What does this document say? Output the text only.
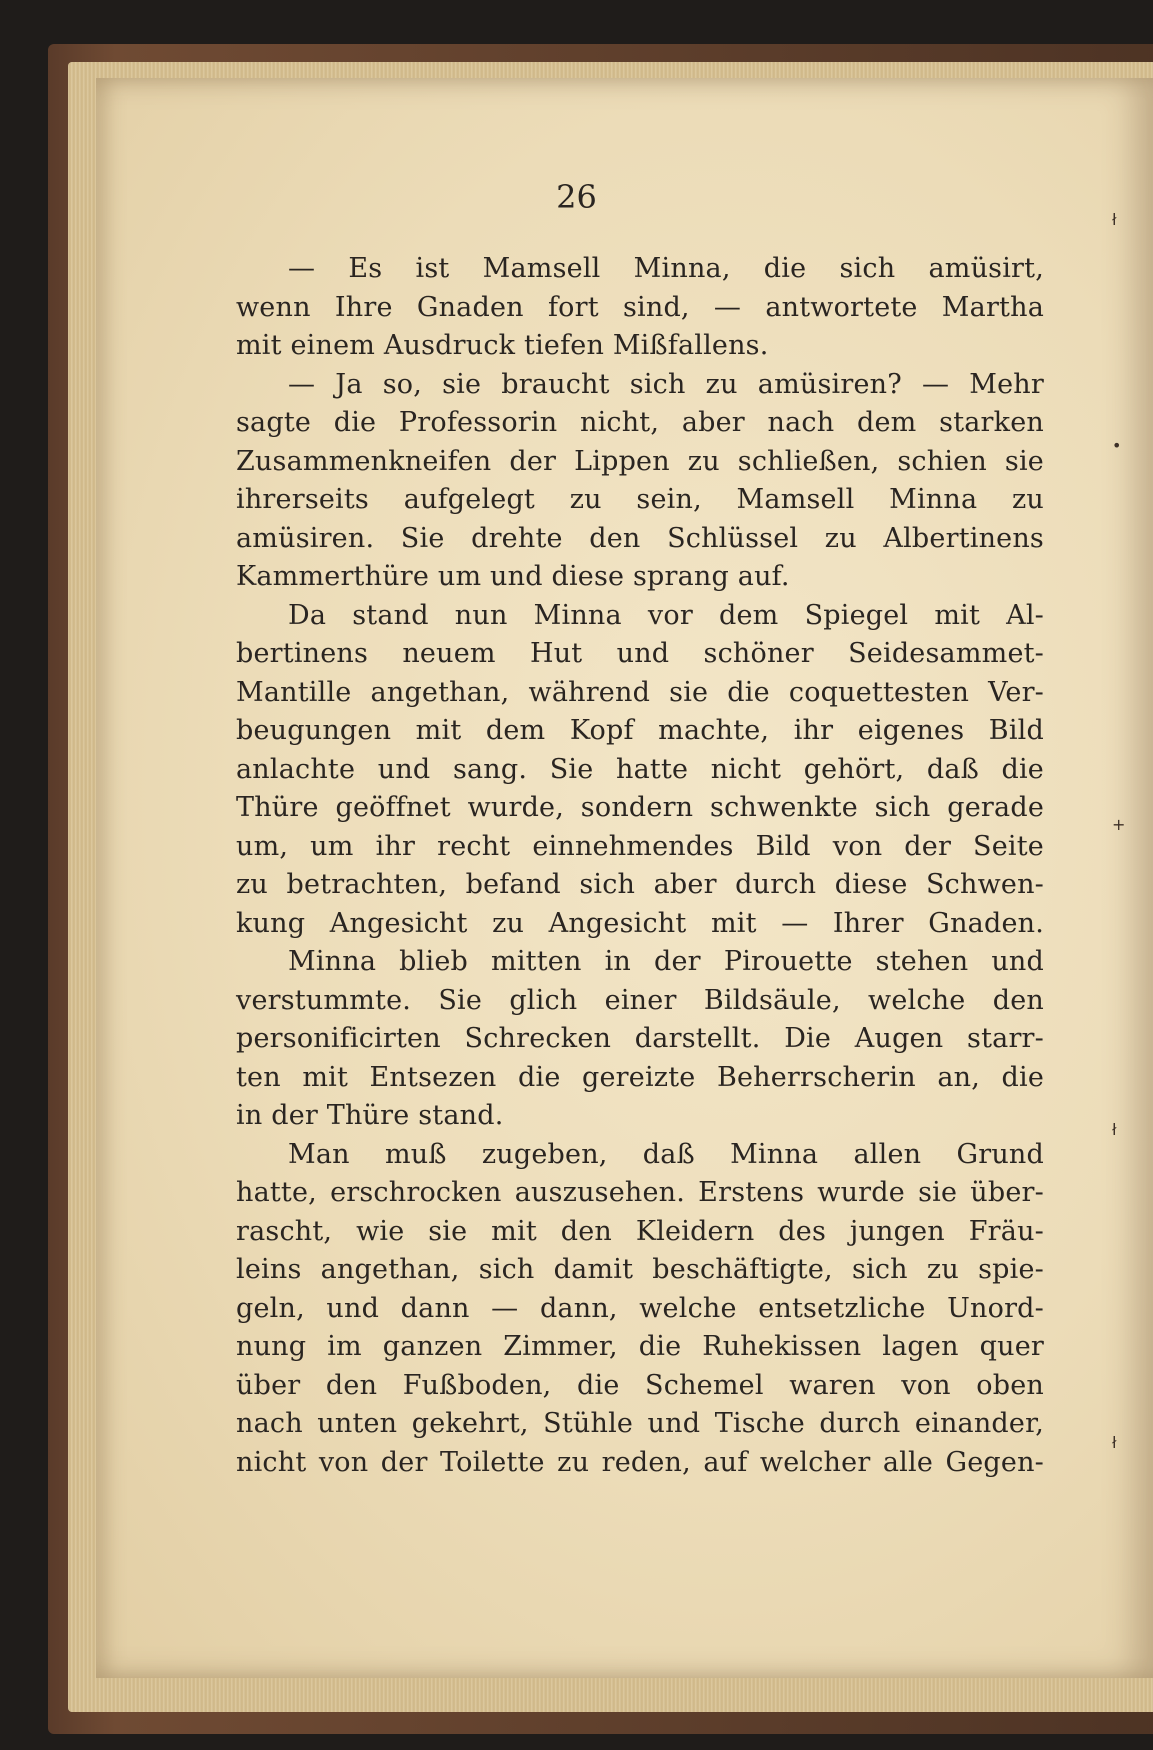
26
— Es ist Mamsell Minna, die sich amüsirt,
wenn Ihre Gnaden fort sind, — antwortete Martha
mit einem Ausdruck tiefen Mißfallens.
— Ja so, sie braucht sich zu amüsiren? — Mehr
sagte die Professorin nicht, aber nach dem starken
Zusammenkneifen der Lippen zu schließen, schien sie
ihrerseits aufgelegt zu sein, Mamsell Minna zu
amüsiren. Sie drehte den Schlüssel zu Albertinens
Kammerthüre um und diese sprang auf.
Da stand nun Minna vor dem Spiegel mit Al-
bertinens neuem Hut und schöner Seidesammet-
Mantille angethan, während sie die coquettesten Ver-
beugungen mit dem Kopf machte, ihr eigenes Bild
anlachte und sang. Sie hatte nicht gehört, daß die
Thüre geöffnet wurde, sondern schwenkte sich gerade
um, um ihr recht einnehmendes Bild von der Seite
zu betrachten, befand sich aber durch diese Schwen-
kung Angesicht zu Angesicht mit — Ihrer Gnaden.
Minna blieb mitten in der Pirouette stehen und
verstummte. Sie glich einer Bildsäule, welche den
personificirten Schrecken darstellt. Die Augen starr-
ten mit Entsezen die gereizte Beherrscherin an, die
in der Thüre stand.
Man muß zugeben, daß Minna allen Grund
hatte, erschrocken auszusehen. Erstens wurde sie über-
rascht, wie sie mit den Kleidern des jungen Fräu-
leins angethan, sich damit beschäftigte, sich zu spie-
geln, und dann — dann, welche entsetzliche Unord-
nung im ganzen Zimmer, die Ruhekissen lagen quer
über den Fußboden, die Schemel waren von oben
nach unten gekehrt, Stühle und Tische durch einander,
nicht von der Toilette zu reden, auf welcher alle Gegen-
ł
•
+
ł
ł
